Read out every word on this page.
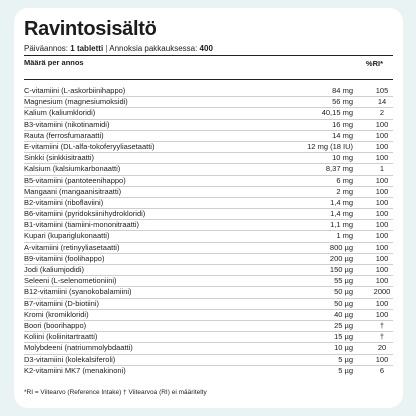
Ravintosisältö
Päiväannos: 1 tabletti | Annoksia pakkauksessa: 400
Määrä per annos	%RI*
C-vitamiini (L-askorbiinihappo)	84 mg	105
Magnesium (magnesiumoksidi)	56 mg	14
Kalium (kaliumkloridi)	40,15 mg	2
B3-vitamiini (nikotinamidi)	16 mg	100
Rauta (ferrosfumaraatti)	14 mg	100
E-vitamiini (DL-alfa-tokoferyyliasetaatti)	12 mg (18 IU)	100
Sinkki (sinkkisitraatti)	10 mg	100
Kalsium (kalsiumkarbonaatti)	8,37 mg	1
B5-vitamiini (pantoteenihappo)	6 mg	100
Mangaani (mangaanisitraatti)	2 mg	100
B2-vitamiini (riboflaviini)	1,4 mg	100
B6-vitamiini (pyridoksiinihydrokloridi)	1,4 mg	100
B1-vitamiini (tiamiini-mononitraatti)	1,1 mg	100
Kupari (kupariglukonaatti)	1 mg	100
A-vitamiini (retinyyliasetaatti)	800 µg	100
B9-vitamiini (foolihappo)	200 µg	100
Jodi (kaliumjodidi)	150 µg	100
Seleeni (L-selenometioniini)	55 µg	100
B12-vitamiini (syanokobalamiini)	50 µg	2000
B7-vitamiini (D-biotiini)	50 µg	100
Kromi (kromikloridi)	40 µg	100
Boori (boorihappo)	25 µg	†
Koliini (koliinitartraatti)	15 µg	†
Molybdeeni (natriummolybdaatti)	10 µg	20
D3-vitamiini (kolekalsiferoli)	5 µg	100
K2-vitamiini MK7 (menakinoni)	5 µg	6
*RI = Viitearvo (Reference Intake) † Viitearvoa (RI) ei määritelty
